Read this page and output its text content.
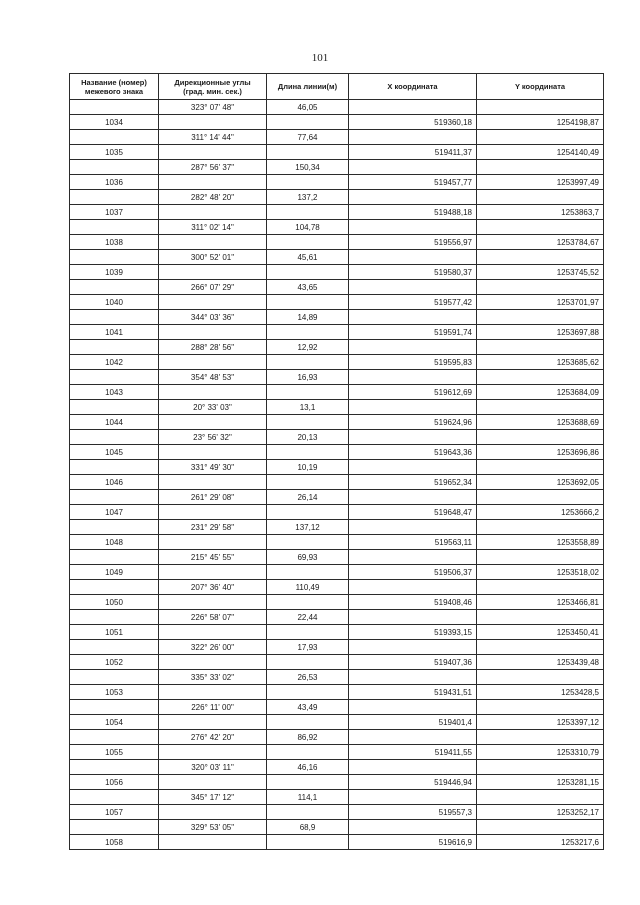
101
Название (номер) межевого знака	Дирекционные углы (град. мин. сек.)	Длина линии(м)	X координата	Y координата
	323° 07' 48"	46,05		
1034			519360,18	1254198,87
	311° 14' 44"	77,64		
1035			519411,37	1254140,49
	287° 56' 37"	150,34		
1036			519457,77	1253997,49
	282° 48' 20"	137,2		
1037			519488,18	1253863,7
	311° 02' 14"	104,78		
1038			519556,97	1253784,67
	300° 52' 01"	45,61		
1039			519580,37	1253745,52
	266° 07' 29"	43,65		
1040			519577,42	1253701,97
	344° 03' 36"	14,89		
1041			519591,74	1253697,88
	288° 28' 56"	12,92		
1042			519595,83	1253685,62
	354° 48' 53"	16,93		
1043			519612,69	1253684,09
	20° 33' 03"	13,1		
1044			519624,96	1253688,69
	23° 56' 32"	20,13		
1045			519643,36	1253696,86
	331° 49' 30"	10,19		
1046			519652,34	1253692,05
	261° 29' 08"	26,14		
1047			519648,47	1253666,2
	231° 29' 58"	137,12		
1048			519563,11	1253558,89
	215° 45' 55"	69,93		
1049			519506,37	1253518,02
	207° 36' 40"	110,49		
1050			519408,46	1253466,81
	226° 58' 07"	22,44		
1051			519393,15	1253450,41
	322° 26' 00"	17,93		
1052			519407,36	1253439,48
	335° 33' 02"	26,53		
1053			519431,51	1253428,5
	226° 11' 00"	43,49		
1054			519401,4	1253397,12
	276° 42' 20"	86,92		
1055			519411,55	1253310,79
	320° 03' 11"	46,16		
1056			519446,94	1253281,15
	345° 17' 12"	114,1		
1057			519557,3	1253252,17
	329° 53' 05"	68,9		
1058			519616,9	1253217,6
